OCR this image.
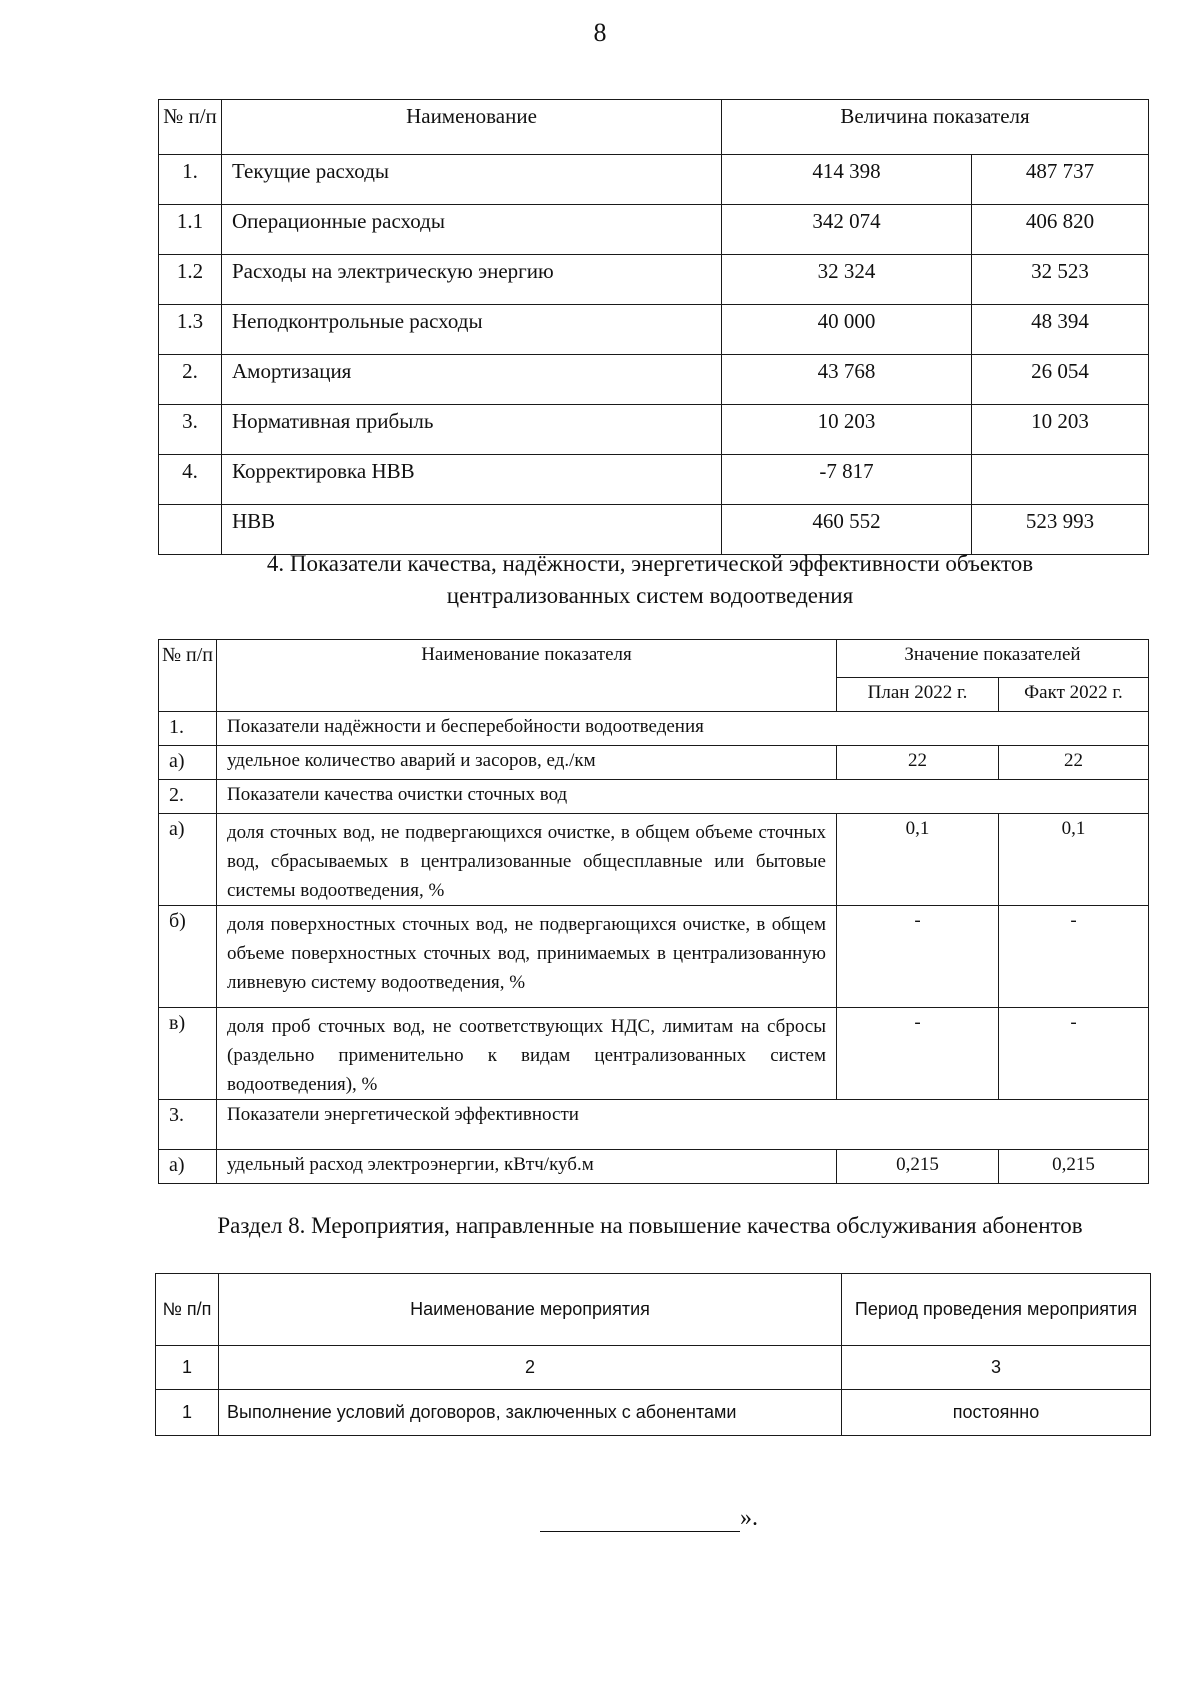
8
№ п/п	Наименование	Величина показателя	
1.	Текущие расходы	414 398	487 737
1.1	Операционные расходы	342 074	406 820
1.2	Расходы на электрическую энергию	32 324	32 523
1.3	Неподконтрольные расходы	40 000	48 394
2.	Амортизация	43 768	26 054
3.	Нормативная прибыль	10 203	10 203
4.	Корректировка НВВ	-7 817	
	НВВ	460 552	523 993
4. Показатели качества, надёжности, энергетической эффективности объектов
централизованных систем водоотведения
№ п/п	Наименование показателя	Значение показателей	
		План 2022 г.	Факт 2022 г.
1.	Показатели надёжности и бесперебойности водоотведения		
а)	удельное количество аварий и засоров, ед./км	22	22
2.	Показатели качества очистки сточных вод		
а)	доля сточных вод, не подвергающихся очистке, в общем объеме сточных вод, сбрасываемых в централизованные общесплавные или бытовые системы водоотведения, %	0,1	0,1
б)	доля поверхностных сточных вод, не подвергающихся очистке, в общем объеме поверхностных сточных вод, принимаемых в централизованную ливневую систему водоотведения, %	-	-
в)	доля проб сточных вод, не соответствующих НДС, лимитам на сбросы (раздельно применительно к видам централизованных систем водоотведения), %	-	-
3.	Показатели энергетической эффективности		
а)	удельный расход электроэнергии, кВтч/куб.м	0,215	0,215
Раздел 8. Мероприятия, направленные на повышение качества обслуживания абонентов
№ п/п	Наименование мероприятия	Период проведения мероприятия
1	2	3
1	Выполнение условий договоров, заключенных с абонентами	постоянно
».
